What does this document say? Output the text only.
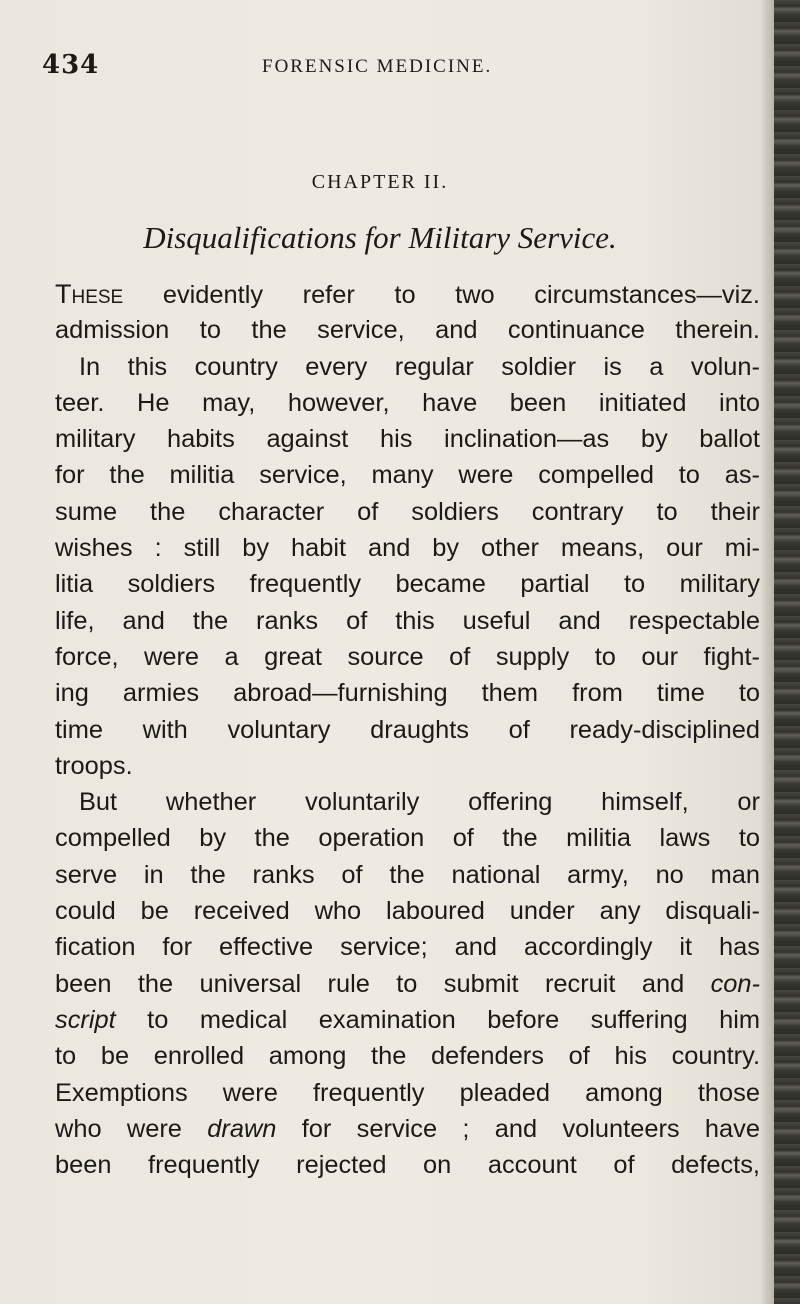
434	FORENSIC MEDICINE.
CHAPTER II.
Disqualifications for Military Service.
These evidently refer to two circumstances—viz.
admission to the service, and continuance therein.
In this country every regular soldier is a volun-
teer. He may, however, have been initiated into
military habits against his inclination—as by ballot
for the militia service, many were compelled to as-
sume the character of soldiers contrary to their
wishes : still by habit and by other means, our mi-
litia soldiers frequently became partial to military
life, and the ranks of this useful and respectable
force, were a great source of supply to our fight-
ing armies abroad—furnishing them from time to
time with voluntary draughts of ready-disciplined
troops.
But whether voluntarily offering himself, or
compelled by the operation of the militia laws to
serve in the ranks of the national army, no man
could be received who laboured under any disquali-
fication for effective service; and accordingly it has
been the universal rule to submit recruit and con-
script to medical examination before suffering him
to be enrolled among the defenders of his country.
Exemptions were frequently pleaded among those
who were drawn for service ; and volunteers have
been frequently rejected on account of defects,
